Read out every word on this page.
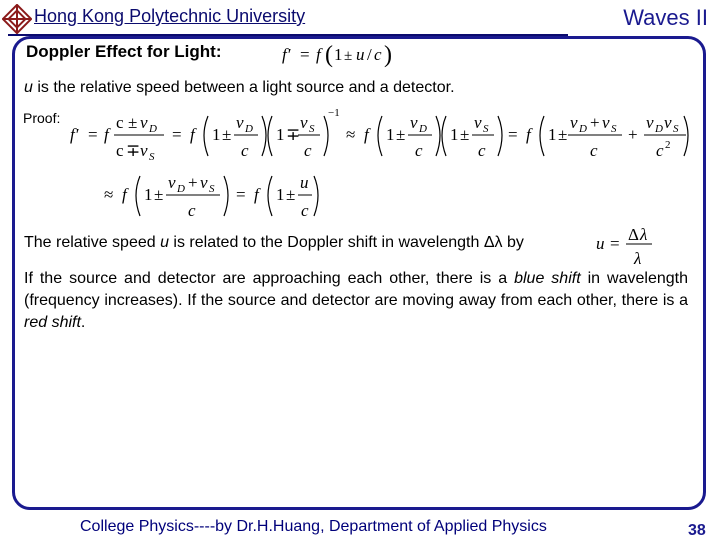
Hong Kong Polytechnic University	Waves II
Doppler Effect for Light:	f′ = f ( 1 ± u / c )
u is the relative speed between a light source and a detector.
Proof:
f′ = f
c ± v D
c ∓ v S
= f 1 ±
v D
c
1 ∓
v S
c
−1
≈ f 1 ±
v D
c
1 ±
v S
c
= f 1 ±
v D + v S
c
+
v D v S
c 2
≈ f 1 ±
v D + v S
c
= f 1 ±
u
c
The relative speed u is related to the Doppler shift in wavelength Δλ by	u = Δ λ
λ
If the source and detector are approaching each other, there is a blue shift in wavelength (frequency increases). If the source and detector are moving away from each other, there is a red shift.
College Physics----by Dr.H.Huang, Department of Applied Physics	38
